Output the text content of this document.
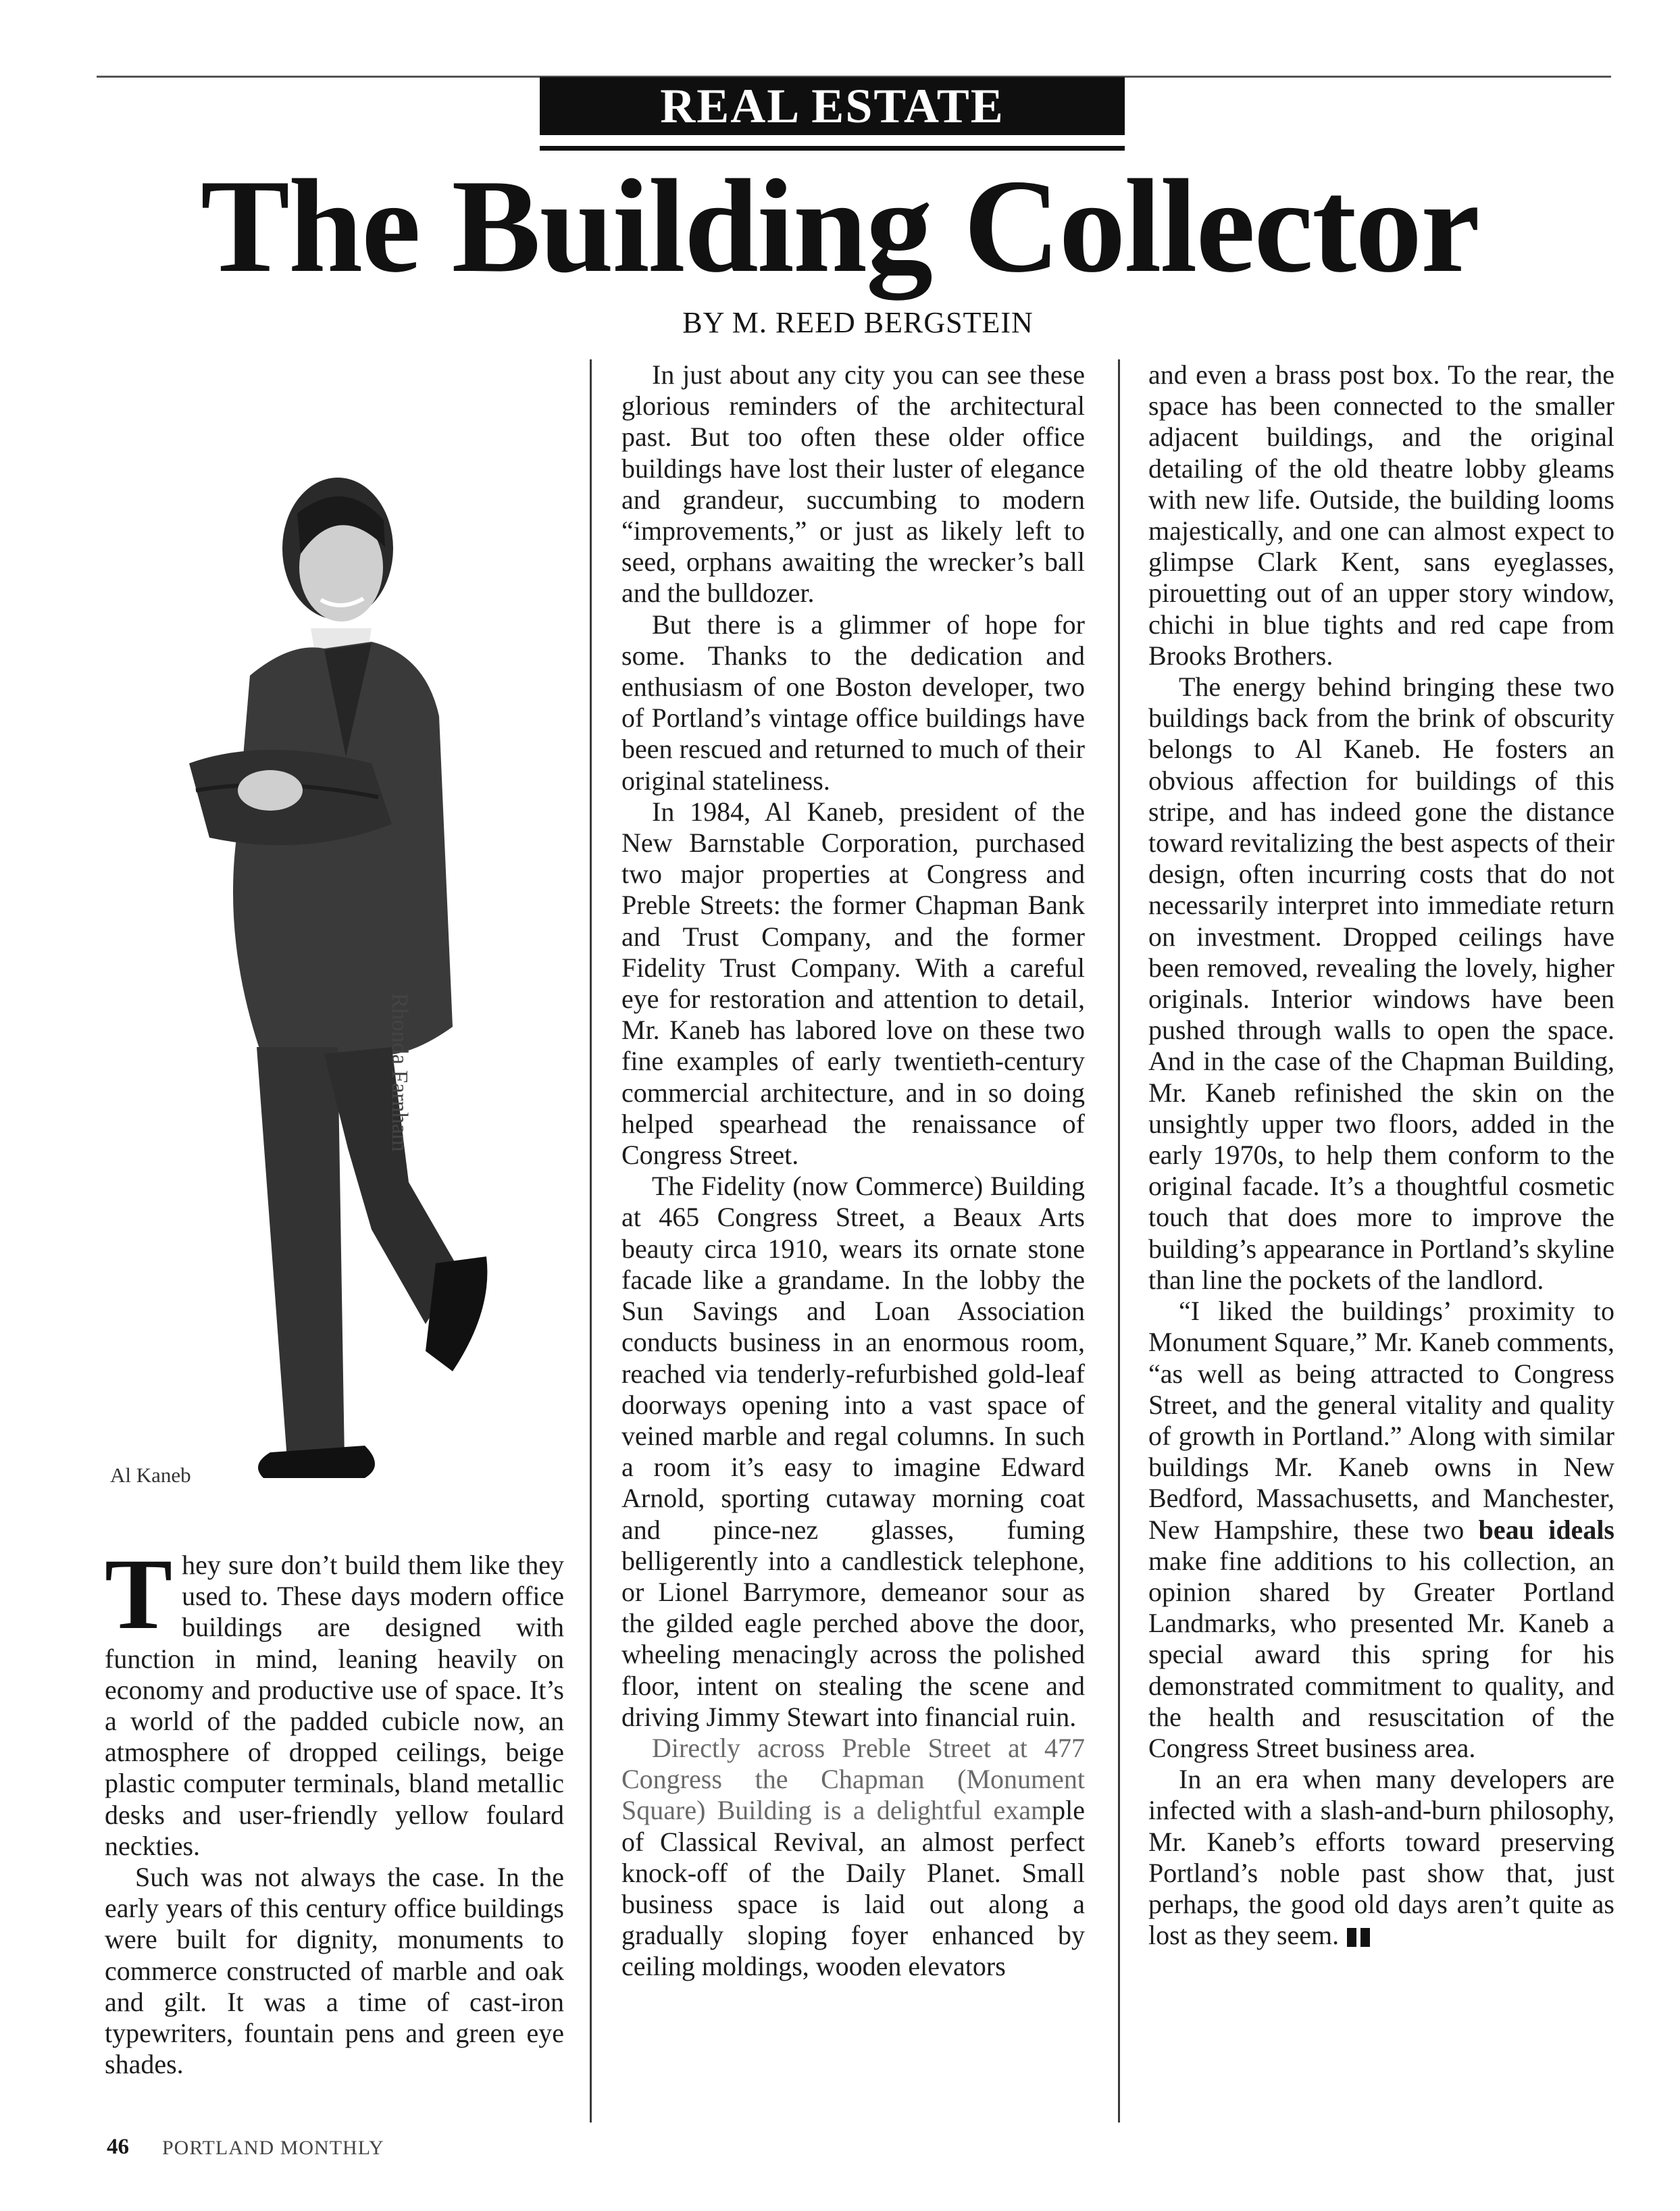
REAL ESTATE
The Building Collector
BY M. REED BERGSTEIN
Rhonda Farnham
Al Kaneb

They sure don’t build them like they used to. These days modern office buildings are designed with function in mind, leaning heavily on economy and productive use of space. It’s a world of the padded cubicle now, an atmosphere of dropped ceilings, beige plastic computer terminals, bland metallic desks and user-friendly yellow foulard neckties.

Such was not always the case. In the early years of this century office buildings were built for dignity, monuments to commerce constructed of marble and oak and gilt. It was a time of cast-iron typewriters, fountain pens and green eye shades.

In just about any city you can see these glorious reminders of the architectural past. But too often these older office buildings have lost their luster of elegance and grandeur, succumbing to modern “improvements,” or just as likely left to seed, orphans awaiting the wrecker’s ball and the bulldozer.

But there is a glimmer of hope for some. Thanks to the dedication and enthusiasm of one Boston developer, two of Portland’s vintage office buildings have been rescued and returned to much of their original stateliness.

In 1984, Al Kaneb, president of the New Barnstable Corporation, purchased two major properties at Congress and Preble Streets: the former Chapman Bank and Trust Company, and the former Fidelity Trust Company. With a careful eye for restoration and attention to detail, Mr. Kaneb has labored love on these two fine examples of early twentieth-century commercial architecture, and in so doing helped spearhead the renaissance of Congress Street.

The Fidelity (now Commerce) Building at 465 Congress Street, a Beaux Arts beauty circa 1910, wears its ornate stone facade like a grandame. In the lobby the Sun Savings and Loan Association conducts business in an enormous room, reached via tenderly-refurbished gold-leaf doorways opening into a vast space of veined marble and regal columns. In such a room it’s easy to imagine Edward Arnold, sporting cutaway morning coat and pince-nez glasses, fuming belligerently into a candlestick telephone, or Lionel Barrymore, demeanor sour as the gilded eagle perched above the door, wheeling menacingly across the polished floor, intent on stealing the scene and driving Jimmy Stewart into financial ruin.

Directly across Preble Street at 477 Congress the Chapman (Monument Square) Building is a delightful example of Classical Revival, an almost perfect knock-off of the Daily Planet. Small business space is laid out along a gradually sloping foyer enhanced by ceiling moldings, wooden elevators

and even a brass post box. To the rear, the space has been connected to the smaller adjacent buildings, and the original detailing of the old theatre lobby gleams with new life. Outside, the building looms majestically, and one can almost expect to glimpse Clark Kent, sans eyeglasses, pirouetting out of an upper story window, chichi in blue tights and red cape from Brooks Brothers.

The energy behind bringing these two buildings back from the brink of obscurity belongs to Al Kaneb. He fosters an obvious affection for buildings of this stripe, and has indeed gone the distance toward revitalizing the best aspects of their design, often incurring costs that do not necessarily interpret into immediate return on investment. Dropped ceilings have been removed, revealing the lovely, higher originals. Interior windows have been pushed through walls to open the space. And in the case of the Chapman Building, Mr. Kaneb refinished the skin on the unsightly upper two floors, added in the early 1970s, to help them conform to the original facade. It’s a thoughtful cosmetic touch that does more to improve the building’s appearance in Portland’s skyline than line the pockets of the landlord.

“I liked the buildings’ proximity to Monument Square,” Mr. Kaneb comments, “as well as being attracted to Congress Street, and the general vitality and quality of growth in Portland.” Along with similar buildings Mr. Kaneb owns in New Bedford, Massachusetts, and Manchester, New Hampshire, these two beau ideals make fine additions to his collection, an opinion shared by Greater Portland Landmarks, who presented Mr. Kaneb a special award this spring for his demonstrated commitment to quality, and the health and resuscitation of the Congress Street business area.

In an era when many developers are infected with a slash-and-burn philosophy, Mr. Kaneb’s efforts toward preserving Portland’s noble past show that, just perhaps, the good old days aren’t quite as lost as they seem.

46 PORTLAND MONTHLY
